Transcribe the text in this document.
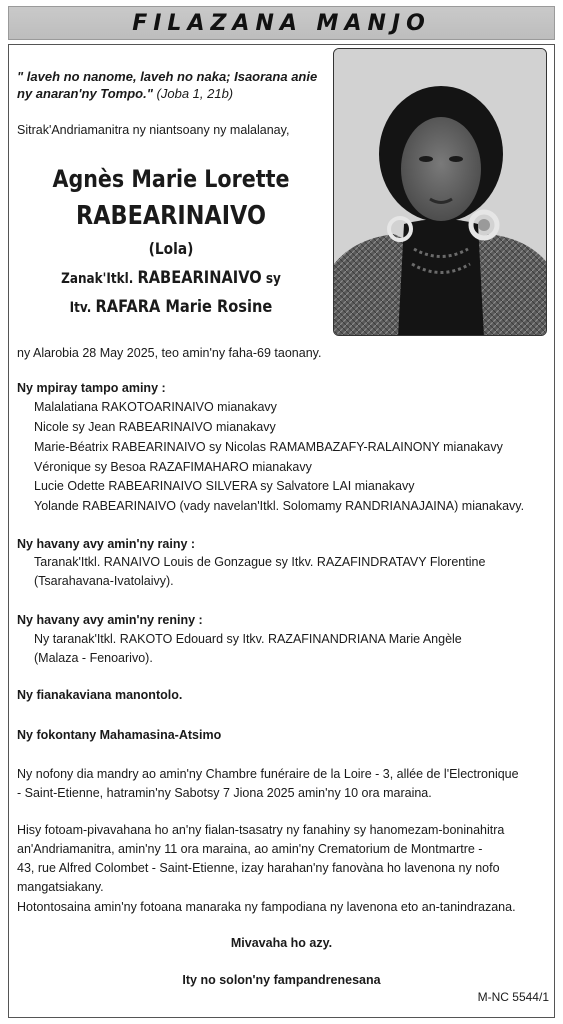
FILAZANA MANJO
" laveh no nanome, laveh no naka; Isaorana anie ny anaran'ny Tompo." (Joba 1, 21b)
Sitrak'Andriamanitra ny niantsoany ny malalanay,
Agnès Marie Lorette
RABEARINAIVO
(Lola)
Zanak'Itkl. RABEARINAIVO sy
Itv. RAFARA Marie Rosine
ny Alarobia 28 May 2025, teo amin'ny faha-69 taonany.
Ny mpiray tampo aminy :
Malalatiana RAKOTOARINAIVO mianakavy
Nicole sy Jean RABEARINAIVO mianakavy
Marie-Béatrix RABEARINAIVO sy Nicolas RAMAMBAZAFY-RALAINONY mianakavy
Véronique sy Besoa RAZAFIMAHARO mianakavy
Lucie Odette RABEARINAIVO SILVERA sy Salvatore LAI mianakavy
Yolande RABEARINAIVO (vady navelan'Itkl. Solomamy RANDRIANAJAINA) mianakavy.
Ny havany avy amin'ny rainy :
Taranak'Itkl. RANAIVO Louis de Gonzague sy Itkv. RAZAFINDRATAVY Florentine
(Tsarahavana-Ivatolaivy).
Ny havany avy amin'ny reniny :
Ny taranak'Itkl. RAKOTO Edouard sy Itkv. RAZAFINANDRIANA Marie Angèle
(Malaza - Fenoarivo).
Ny fianakaviana manontolo.
Ny fokontany Mahamasina-Atsimo
Ny nofony dia mandry ao amin'ny Chambre funéraire de la Loire - 3, allée de l'Electronique
- Saint-Etienne, hatramin'ny Sabotsy 7 Jiona 2025 amin'ny 10 ora maraina.
Hisy fotoam-pivavahana ho an'ny fialan-tsasatry ny fanahiny sy hanomezam-boninahitra
an'Andriamanitra, amin'ny 11 ora maraina, ao amin'ny Crematorium de Montmartre -
43, rue Alfred Colombet - Saint-Etienne, izay harahan'ny fanovàna ho lavenona ny nofo
mangatsiakany.
Hotontosaina amin'ny fotoana manaraka ny fampodiana ny lavenona eto an-tanindrazana.
Mivavaha ho azy.
Ity no solon'ny fampandrenesana
M-NC 5544/1
